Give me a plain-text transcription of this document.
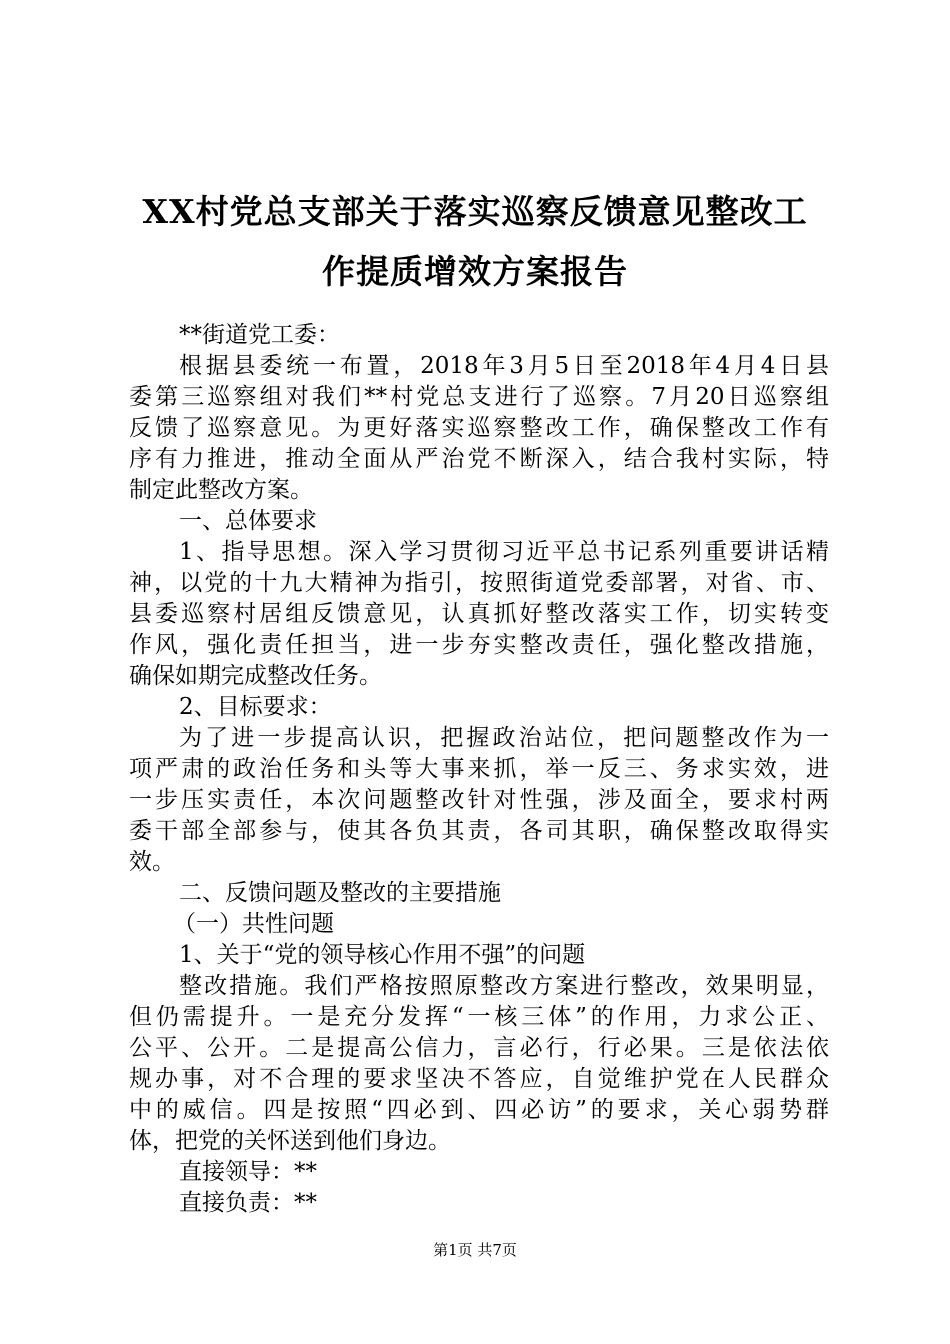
XX村党总支部关于落实巡察反馈意见整改工
作提质增效方案报告
**街道党工委：
根据县委统一布置，2018年3月5日至2018年4月4日县
委第三巡察组对我们**村党总支进行了巡察。7月20日巡察组
反馈了巡察意见。为更好落实巡察整改工作，确保整改工作有
序有力推进，推动全面从严治党不断深入，结合我村实际，特
制定此整改方案。
一、总体要求
1、指导思想。深入学习贯彻习近平总书记系列重要讲话精
神，以党的十九大精神为指引，按照街道党委部署，对省、市、
县委巡察村居组反馈意见，认真抓好整改落实工作，切实转变
作风，强化责任担当，进一步夯实整改责任，强化整改措施，
确保如期完成整改任务。
2、目标要求：
为了进一步提高认识，把握政治站位，把问题整改作为一
项严肃的政治任务和头等大事来抓，举一反三、务求实效，进
一步压实责任，本次问题整改针对性强，涉及面全，要求村两
委干部全部参与，使其各负其责，各司其职，确保整改取得实
效。
二、反馈问题及整改的主要措施
（一）共性问题
1、关于“党的领导核心作用不强”的问题
整改措施。我们严格按照原整改方案进行整改，效果明显，
但仍需提升。一是充分发挥“一核三体”的作用，力求公正、
公平、公开。二是提高公信力，言必行，行必果。三是依法依
规办事，对不合理的要求坚决不答应，自觉维护党在人民群众
中的威信。四是按照“四必到、四必访”的要求，关心弱势群
体，把党的关怀送到他们身边。
直接领导：**
直接负责：**
第1页 共7页
